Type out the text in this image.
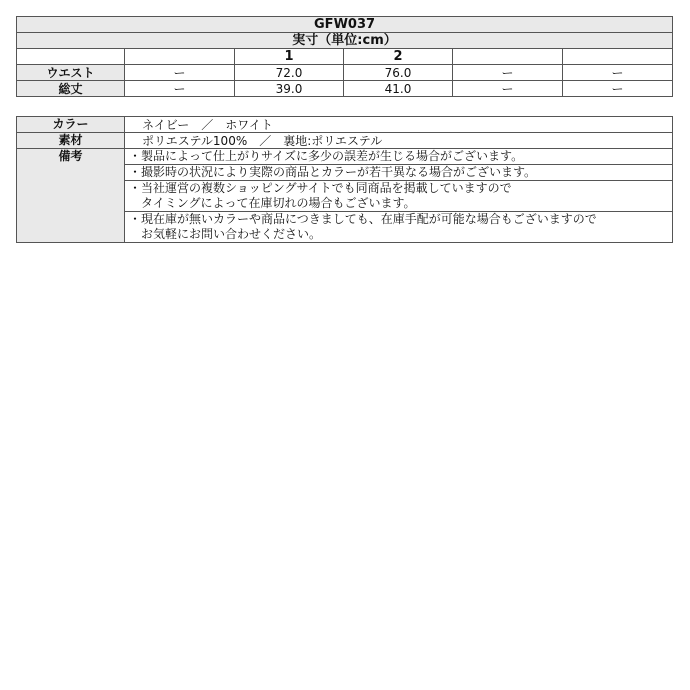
GFW037					
実寸（単位:cm）					
		1	2		
ウエスト	ー	72.0	76.0	ー	ー
総丈	ー	39.0	41.0	ー	ー
カラー	ネイビー　／　ホワイト
素材	ポリエステル100%　／　裏地:ポリエステル
備考	・製品によって仕上がりサイズに多少の誤差が生じる場合がございます。

	・撮影時の状況により実際の商品とカラーが若干異なる場合がございます。

	・当社運営の複数ショッピングサイトでも同商品を掲載していますので
　タイミングによって在庫切れの場合もございます。

	・現在庫が無いカラーや商品につきましても、在庫手配が可能な場合もございますので
　お気軽にお問い合わせください。
